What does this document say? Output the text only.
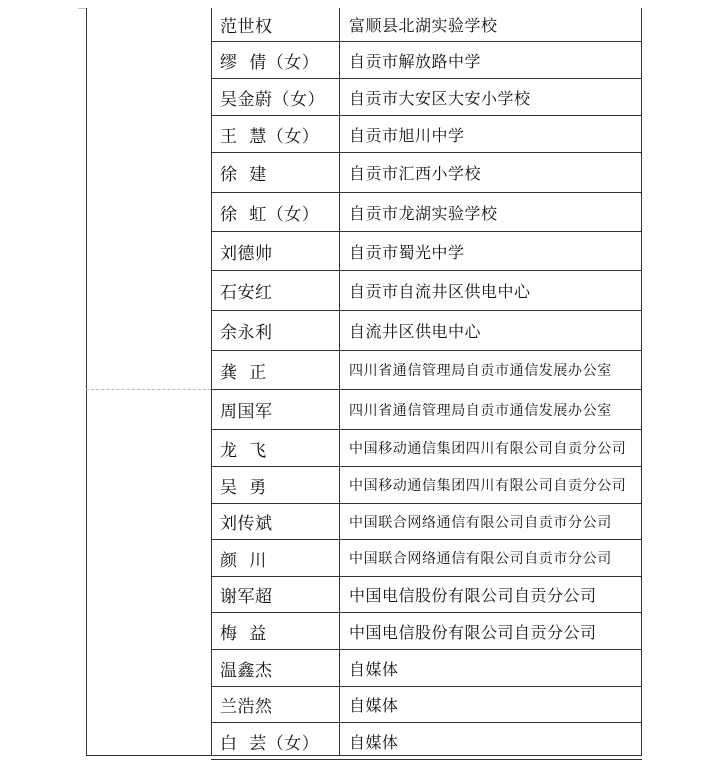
范世权	富顺县北湖实验学校
缪  倩（女）	自贡市解放路中学
吴金蔚（女）	自贡市大安区大安小学校
王  慧（女）	自贡市旭川中学
徐  建	自贡市汇西小学校
徐  虹（女）	自贡市龙湖实验学校
刘德帅	自贡市蜀光中学
石安红	自贡市自流井区供电中心
余永利	自流井区供电中心
龚  正	四川省通信管理局自贡市通信发展办公室
周国军	四川省通信管理局自贡市通信发展办公室
龙  飞	中国移动通信集团四川有限公司自贡分公司
吴  勇	中国移动通信集团四川有限公司自贡分公司
刘传斌	中国联合网络通信有限公司自贡市分公司
颜  川	中国联合网络通信有限公司自贡市分公司
谢军超	中国电信股份有限公司自贡分公司
梅  益	中国电信股份有限公司自贡分公司
温鑫杰	自媒体
兰浩然	自媒体
白  芸（女）	自媒体
